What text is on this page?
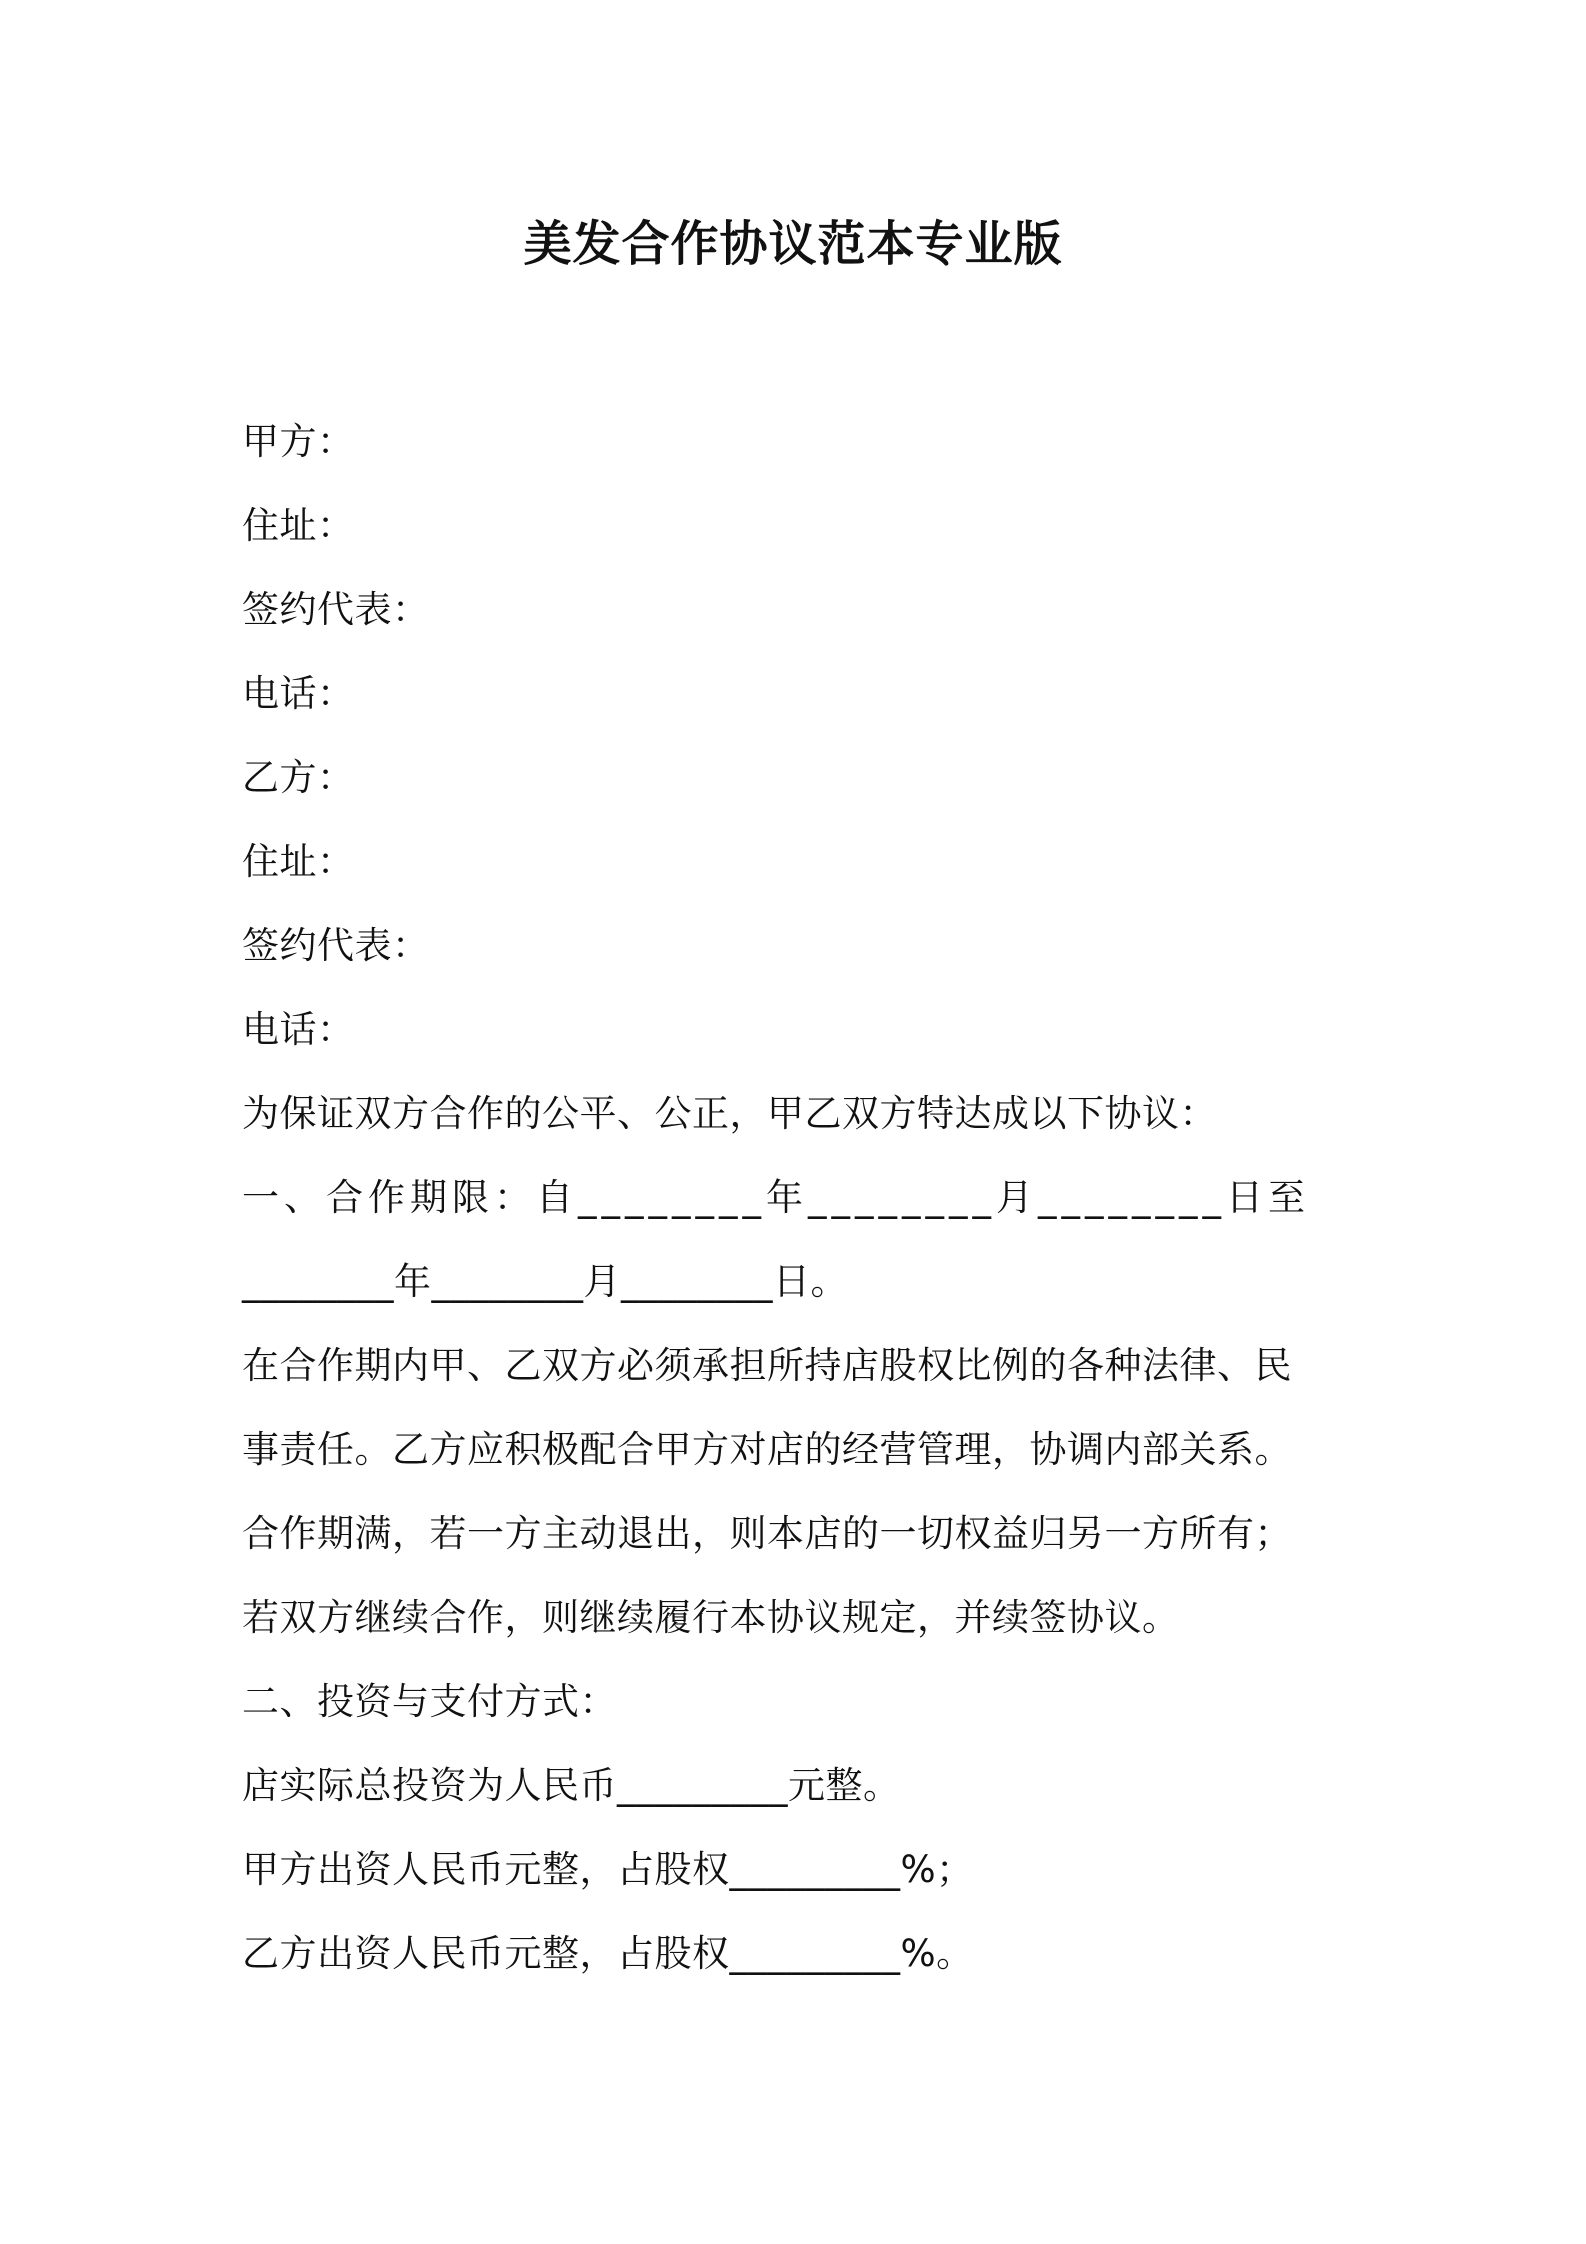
美发合作协议范本专业版
甲方：
住址：
签约代表：
电话：
乙方：
住址：
签约代表：
电话：
为保证双方合作的公平、公正，甲乙双方特达成以下协议：
一、合作期限：自________年________月________日至
________年________月________日。
在合作期内甲、乙双方必须承担所持店股权比例的各种法律、民
事责任。乙方应积极配合甲方对店的经营管理，协调内部关系。
合作期满，若一方主动退出，则本店的一切权益归另一方所有；
若双方继续合作，则继续履行本协议规定，并续签协议。
二、投资与支付方式：
店实际总投资为人民币_________元整。
甲方出资人民币元整，占股权_________%；
乙方出资人民币元整，占股权_________%。
